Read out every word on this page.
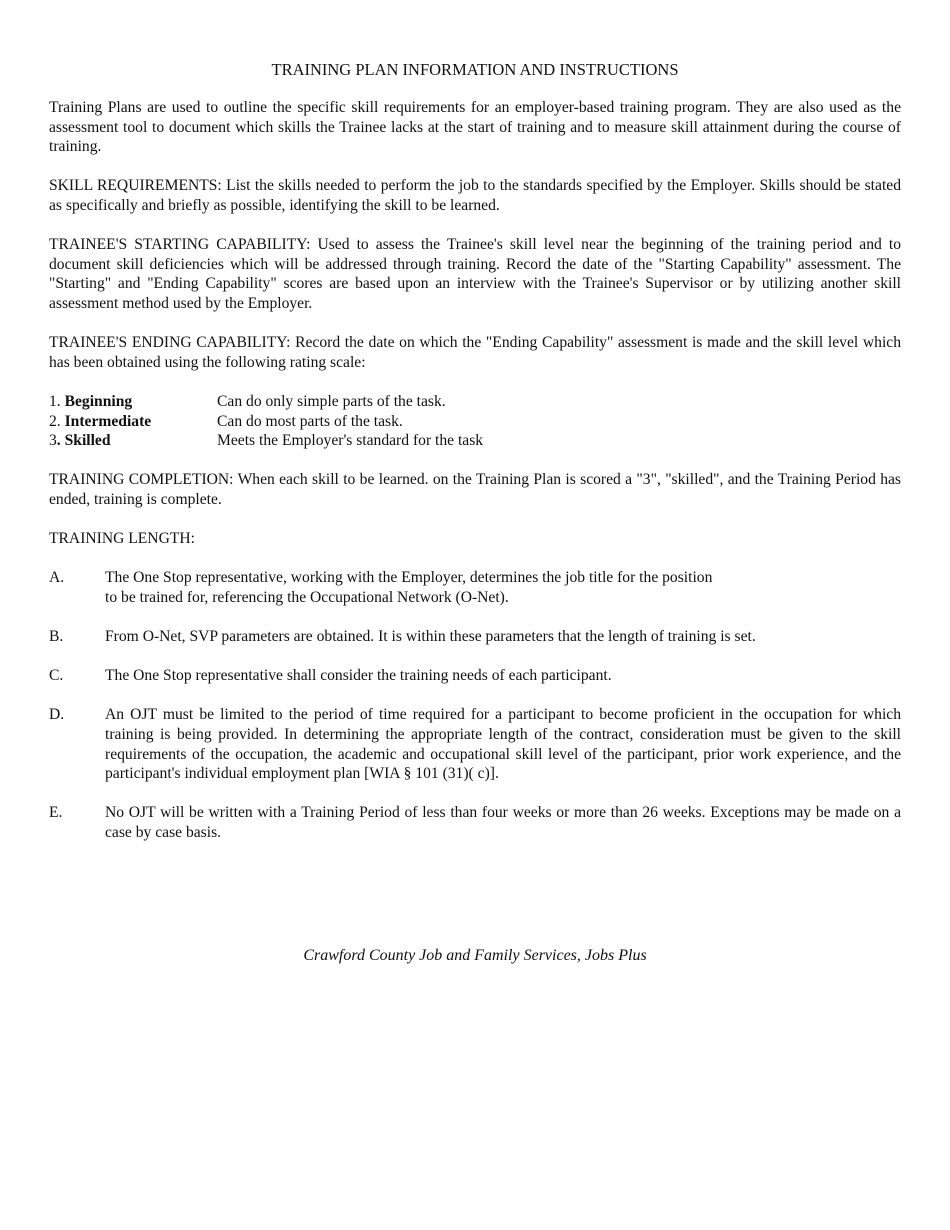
TRAINING PLAN INFORMATION AND INSTRUCTIONS

Training Plans are used to outline the specific skill requirements for an employer-based training program. They are also used as the assessment tool to document which skills the Trainee lacks at the start of training and to measure skill attainment during the course of training.

SKILL REQUIREMENTS: List the skills needed to perform the job to the standards specified by the Employer. Skills should be stated as specifically and briefly as possible, identifying the skill to be learned.

TRAINEE'S STARTING CAPABILITY: Used to assess the Trainee's skill level near the beginning of the training period and to document skill deficiencies which will be addressed through training. Record the date of the "Starting Capability" assessment. The "Starting" and "Ending Capability" scores are based upon an interview with the Trainee's Supervisor or by utilizing another skill assessment method used by the Employer.

TRAINEE'S ENDING CAPABILITY: Record the date on which the "Ending Capability" assessment is made and the skill level which has been obtained using the following rating scale:

1. Beginning	Can do only simple parts of the task.
2. Intermediate	Can do most parts of the task.
3. Skilled	Meets the Employer's standard for the task

TRAINING COMPLETION: When each skill to be learned. on the Training Plan is scored a "3", "skilled", and the Training Period has ended, training is complete.

TRAINING LENGTH:

A.	The One Stop representative, working with the Employer, determines the job title for the position
to be trained for, referencing the Occupational Network (O-Net).
B.	From O-Net, SVP parameters are obtained. It is within these parameters that the length of training is set.
C.	The One Stop representative shall consider the training needs of each participant.
D.	An OJT must be limited to the period of time required for a participant to become proficient in the occupation for which training is being provided. In determining the appropriate length of the contract, consideration must be given to the skill requirements of the occupation, the academic and occupational skill level of the participant, prior work experience, and the participant's individual employment plan [WIA § 101 (31)( c)].
E.	No OJT will be written with a Training Period of less than four weeks or more than 26 weeks. Exceptions may be made on a case by case basis.
Crawford County Job and Family Services, Jobs Plus
